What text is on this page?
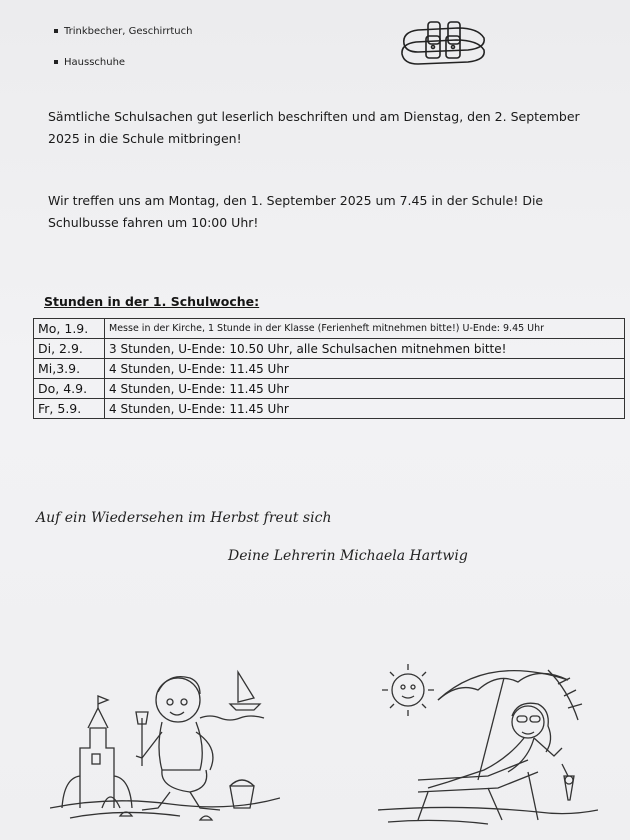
Trinkbecher, Geschirrtuch
Hausschuhe
Sämtliche Schulsachen gut leserlich beschriften und am Dienstag, den 2. September 2025 in die Schule mitbringen!
Wir treffen uns am Montag, den 1. September 2025 um 7.45 in der Schule! Die Schulbusse fahren um 10:00 Uhr!
Stunden in der 1. Schulwoche:
Mo, 1.9.	Messe in der Kirche, 1 Stunde in der Klasse (Ferienheft mitnehmen bitte!) U-Ende: 9.45 Uhr
Di, 2.9.	3 Stunden, U-Ende: 10.50 Uhr, alle Schulsachen mitnehmen bitte!
Mi,3.9.	4 Stunden, U-Ende: 11.45 Uhr
Do, 4.9.	4 Stunden, U-Ende: 11.45 Uhr
Fr, 5.9.	4 Stunden, U-Ende: 11.45 Uhr
Auf ein Wiedersehen im Herbst freut sich
Deine Lehrerin Michaela Hartwig
